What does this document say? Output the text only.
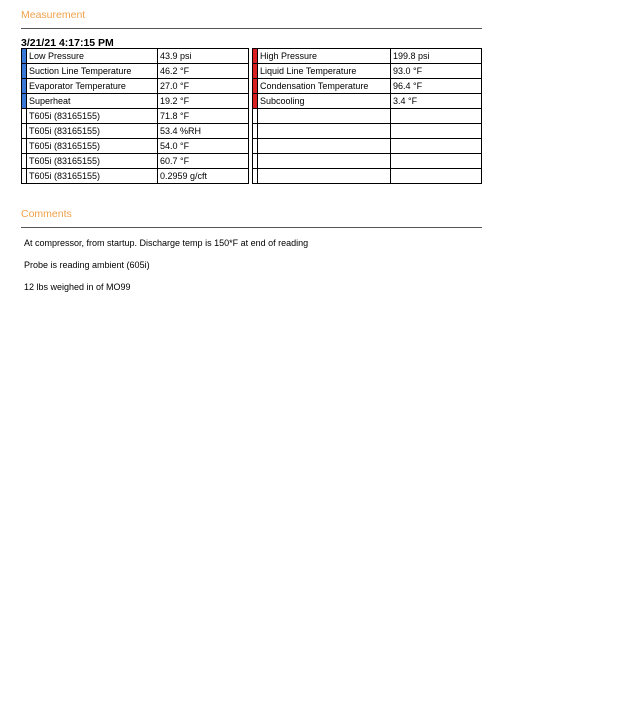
Measurement
3/21/21 4:17:15 PM
	Low Pressure	43.9 psi			High Pressure	199.8 psi
	Suction Line Temperature	46.2 °F			Liquid Line Temperature	93.0 °F
	Evaporator Temperature	27.0 °F			Condensation Temperature	96.4 °F
	Superheat	19.2 °F			Subcooling	3.4 °F
	T605i (83165155)	71.8 °F				
	T605i (83165155)	53.4 %RH				
	T605i (83165155)	54.0 °F				
	T605i (83165155)	60.7 °F				
	T605i (83165155)	0.2959 g/cft				
Comments
At compressor, from startup. Discharge temp is 150*F at end of reading
Probe is reading ambient (605i)
12 lbs weighed in of MO99
